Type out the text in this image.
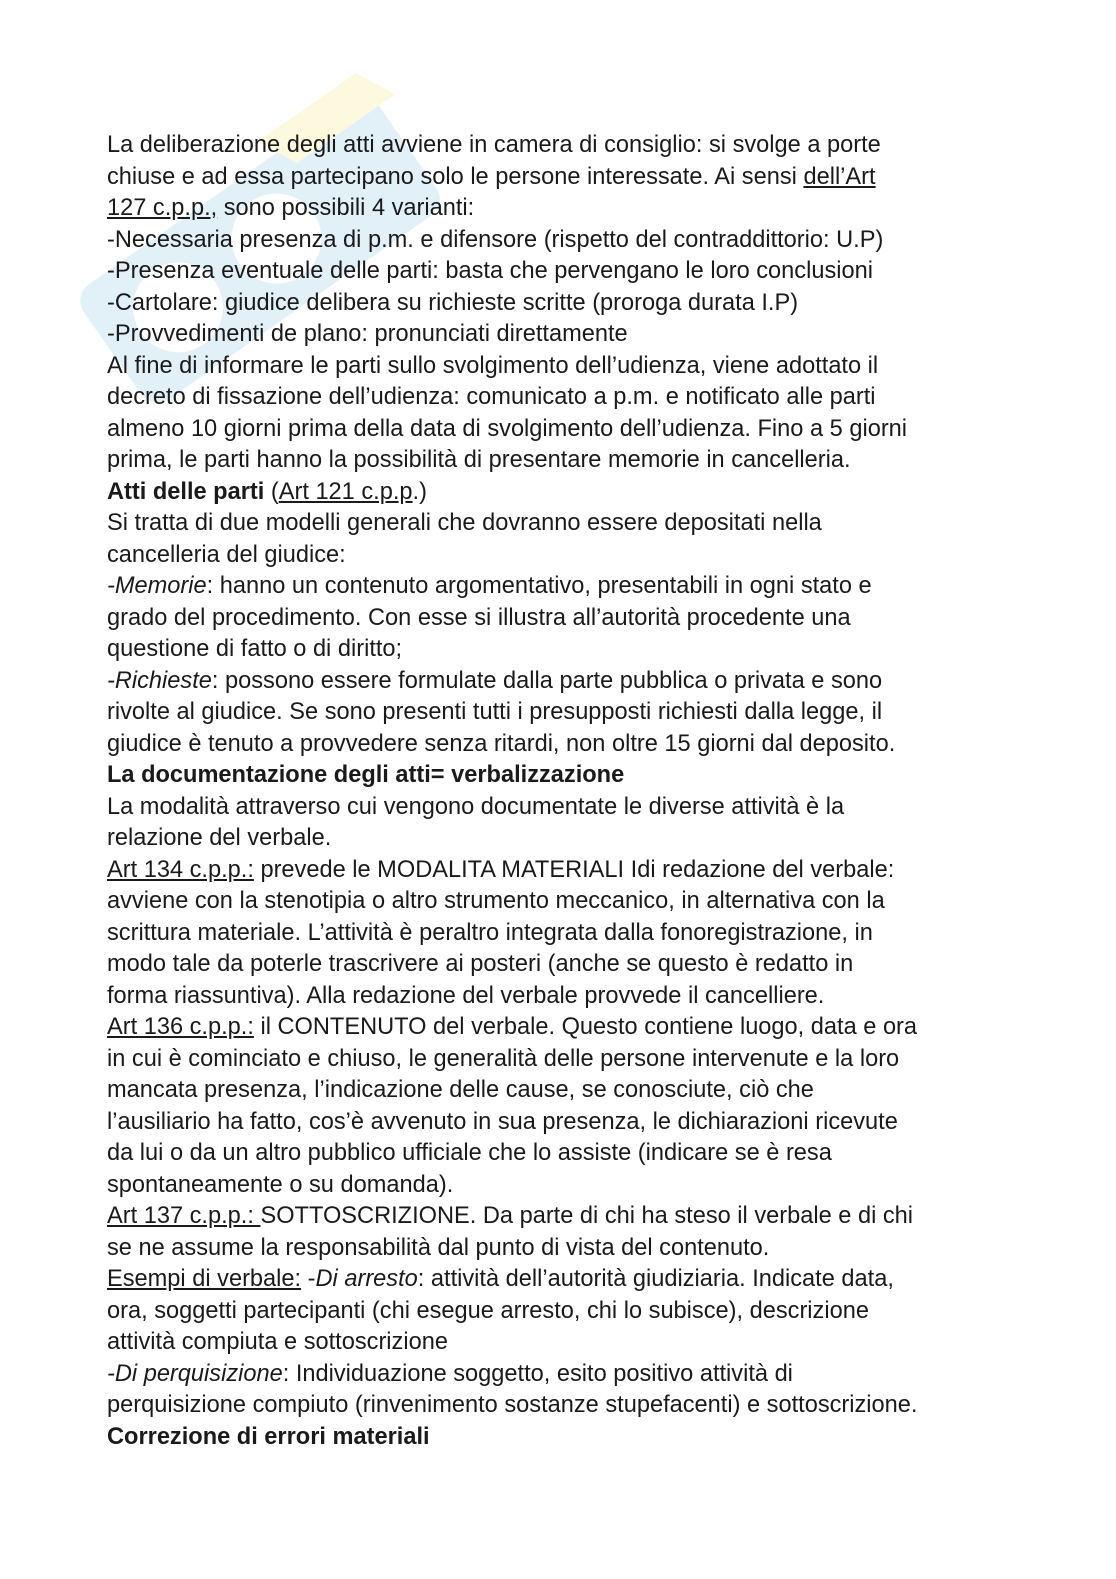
La deliberazione degli atti avviene in camera di consiglio: si svolge a porte
chiuse e ad essa partecipano solo le persone interessate. Ai sensi dell’Art
127 c.p.p., sono possibili 4 varianti:
-Necessaria presenza di p.m. e difensore (rispetto del contraddittorio: U.P)
-Presenza eventuale delle parti: basta che pervengano le loro conclusioni
-Cartolare: giudice delibera su richieste scritte (proroga durata I.P)
-Provvedimenti de plano: pronunciati direttamente
Al fine di informare le parti sullo svolgimento dell’udienza, viene adottato il
decreto di fissazione dell’udienza: comunicato a p.m. e notificato alle parti
almeno 10 giorni prima della data di svolgimento dell’udienza. Fino a 5 giorni
prima, le parti hanno la possibilità di presentare memorie in cancelleria.
Atti delle parti (Art 121 c.p.p.)
Si tratta di due modelli generali che dovranno essere depositati nella
cancelleria del giudice:
-Memorie: hanno un contenuto argomentativo, presentabili in ogni stato e
grado del procedimento. Con esse si illustra all’autorità procedente una
questione di fatto o di diritto;
-Richieste: possono essere formulate dalla parte pubblica o privata e sono
rivolte al giudice. Se sono presenti tutti i presupposti richiesti dalla legge, il
giudice è tenuto a provvedere senza ritardi, non oltre 15 giorni dal deposito.
La documentazione degli atti= verbalizzazione
La modalità attraverso cui vengono documentate le diverse attività è la
relazione del verbale.
Art 134 c.p.p.: prevede le MODALITA MATERIALI Idi redazione del verbale:
avviene con la stenotipia o altro strumento meccanico, in alternativa con la
scrittura materiale. L’attività è peraltro integrata dalla fonoregistrazione, in
modo tale da poterle trascrivere ai posteri (anche se questo è redatto in
forma riassuntiva). Alla redazione del verbale provvede il cancelliere.
Art 136 c.p.p.: il CONTENUTO del verbale. Questo contiene luogo, data e ora
in cui è cominciato e chiuso, le generalità delle persone intervenute e la loro
mancata presenza, l’indicazione delle cause, se conosciute, ciò che
l’ausiliario ha fatto, cos’è avvenuto in sua presenza, le dichiarazioni ricevute
da lui o da un altro pubblico ufficiale che lo assiste (indicare se è resa
spontaneamente o su domanda).
Art 137 c.p.p.: SOTTOSCRIZIONE. Da parte di chi ha steso il verbale e di chi
se ne assume la responsabilità dal punto di vista del contenuto.
Esempi di verbale: -Di arresto: attività dell’autorità giudiziaria. Indicate data,
ora, soggetti partecipanti (chi esegue arresto, chi lo subisce), descrizione
attività compiuta e sottoscrizione
-Di perquisizione: Individuazione soggetto, esito positivo attività di
perquisizione compiuto (rinvenimento sostanze stupefacenti) e sottoscrizione.
Correzione di errori materiali
